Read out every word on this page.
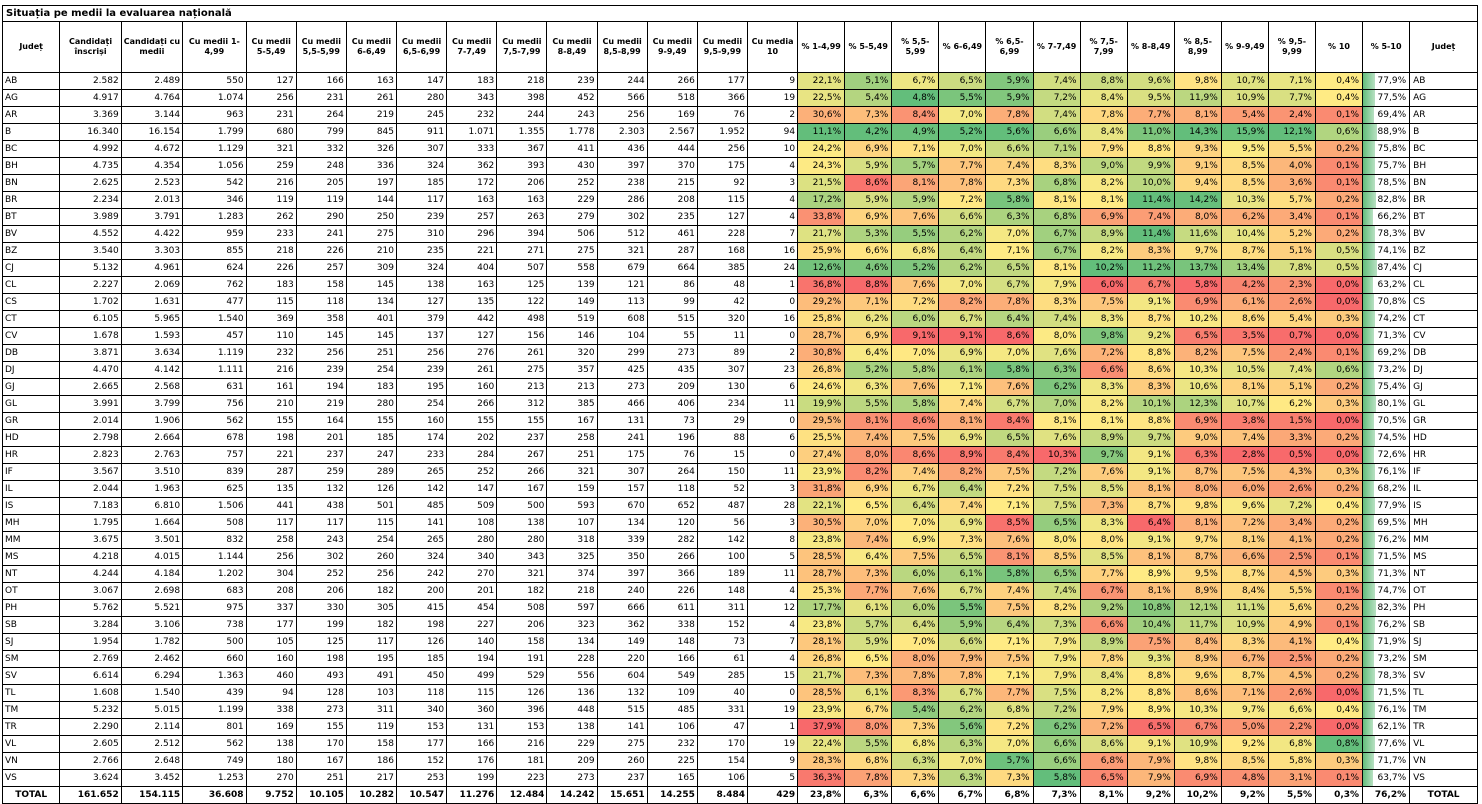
Situația pe medii la evaluarea națională
Județ	Candidați înscriși	Candidați cu medii	Cu medii 1-4,99	Cu medii 5-5,49	Cu medii 5,5-5,99	Cu medii 6-6,49	Cu medii 6,5-6,99	Cu medii 7-7,49	Cu medii 7,5-7,99	Cu medii 8-8,49	Cu medii 8,5-8,99	Cu medii 9-9,49	Cu medii 9,5-9,99	Cu media 10	% 1-4,99	% 5-5,49	% 5,5-5,99	% 6-6,49	% 6,5-6,99	% 7-7,49	% 7,5-7,99	% 8-8,49	% 8,5-8,99	% 9-9,49	% 9,5-9,99	% 10	% 5-10	Județ
AB	2.582	2.489	550	127	166	163	147	183	218	239	244	266	177	9	22,1%	5,1%	6,7%	6,5%	5,9%	7,4%	8,8%	9,6%	9,8%	10,7%	7,1%	0,4%	77,9%	AB
AG	4.917	4.764	1.074	256	231	261	280	343	398	452	566	518	366	19	22,5%	5,4%	4,8%	5,5%	5,9%	7,2%	8,4%	9,5%	11,9%	10,9%	7,7%	0,4%	77,5%	AG
AR	3.369	3.144	963	231	264	219	245	232	244	243	256	169	76	2	30,6%	7,3%	8,4%	7,0%	7,8%	7,4%	7,8%	7,7%	8,1%	5,4%	2,4%	0,1%	69,4%	AR
B	16.340	16.154	1.799	680	799	845	911	1.071	1.355	1.778	2.303	2.567	1.952	94	11,1%	4,2%	4,9%	5,2%	5,6%	6,6%	8,4%	11,0%	14,3%	15,9%	12,1%	0,6%	88,9%	B
BC	4.992	4.672	1.129	321	332	326	307	333	367	411	436	444	256	10	24,2%	6,9%	7,1%	7,0%	6,6%	7,1%	7,9%	8,8%	9,3%	9,5%	5,5%	0,2%	75,8%	BC
BH	4.735	4.354	1.056	259	248	336	324	362	393	430	397	370	175	4	24,3%	5,9%	5,7%	7,7%	7,4%	8,3%	9,0%	9,9%	9,1%	8,5%	4,0%	0,1%	75,7%	BH
BN	2.625	2.523	542	216	205	197	185	172	206	252	238	215	92	3	21,5%	8,6%	8,1%	7,8%	7,3%	6,8%	8,2%	10,0%	9,4%	8,5%	3,6%	0,1%	78,5%	BN
BR	2.234	2.013	346	119	119	144	117	163	163	229	286	208	115	4	17,2%	5,9%	5,9%	7,2%	5,8%	8,1%	8,1%	11,4%	14,2%	10,3%	5,7%	0,2%	82,8%	BR
BT	3.989	3.791	1.283	262	290	250	239	257	263	279	302	235	127	4	33,8%	6,9%	7,6%	6,6%	6,3%	6,8%	6,9%	7,4%	8,0%	6,2%	3,4%	0,1%	66,2%	BT
BV	4.552	4.422	959	233	241	275	310	296	394	506	512	461	228	7	21,7%	5,3%	5,5%	6,2%	7,0%	6,7%	8,9%	11,4%	11,6%	10,4%	5,2%	0,2%	78,3%	BV
BZ	3.540	3.303	855	218	226	210	235	221	271	275	321	287	168	16	25,9%	6,6%	6,8%	6,4%	7,1%	6,7%	8,2%	8,3%	9,7%	8,7%	5,1%	0,5%	74,1%	BZ
CJ	5.132	4.961	624	226	257	309	324	404	507	558	679	664	385	24	12,6%	4,6%	5,2%	6,2%	6,5%	8,1%	10,2%	11,2%	13,7%	13,4%	7,8%	0,5%	87,4%	CJ
CL	2.227	2.069	762	183	158	145	138	163	125	139	121	86	48	1	36,8%	8,8%	7,6%	7,0%	6,7%	7,9%	6,0%	6,7%	5,8%	4,2%	2,3%	0,0%	63,2%	CL
CS	1.702	1.631	477	115	118	134	127	135	122	149	113	99	42	0	29,2%	7,1%	7,2%	8,2%	7,8%	8,3%	7,5%	9,1%	6,9%	6,1%	2,6%	0,0%	70,8%	CS
CT	6.105	5.965	1.540	369	358	401	379	442	498	519	608	515	320	16	25,8%	6,2%	6,0%	6,7%	6,4%	7,4%	8,3%	8,7%	10,2%	8,6%	5,4%	0,3%	74,2%	CT
CV	1.678	1.593	457	110	145	145	137	127	156	146	104	55	11	0	28,7%	6,9%	9,1%	9,1%	8,6%	8,0%	9,8%	9,2%	6,5%	3,5%	0,7%	0,0%	71,3%	CV
DB	3.871	3.634	1.119	232	256	251	256	276	261	320	299	273	89	2	30,8%	6,4%	7,0%	6,9%	7,0%	7,6%	7,2%	8,8%	8,2%	7,5%	2,4%	0,1%	69,2%	DB
DJ	4.470	4.142	1.111	216	239	254	239	261	275	357	425	435	307	23	26,8%	5,2%	5,8%	6,1%	5,8%	6,3%	6,6%	8,6%	10,3%	10,5%	7,4%	0,6%	73,2%	DJ
GJ	2.665	2.568	631	161	194	183	195	160	213	213	273	209	130	6	24,6%	6,3%	7,6%	7,1%	7,6%	6,2%	8,3%	8,3%	10,6%	8,1%	5,1%	0,2%	75,4%	GJ
GL	3.991	3.799	756	210	219	280	254	266	312	385	466	406	234	11	19,9%	5,5%	5,8%	7,4%	6,7%	7,0%	8,2%	10,1%	12,3%	10,7%	6,2%	0,3%	80,1%	GL
GR	2.014	1.906	562	155	164	155	160	155	155	167	131	73	29	0	29,5%	8,1%	8,6%	8,1%	8,4%	8,1%	8,1%	8,8%	6,9%	3,8%	1,5%	0,0%	70,5%	GR
HD	2.798	2.664	678	198	201	185	174	202	237	258	241	196	88	6	25,5%	7,4%	7,5%	6,9%	6,5%	7,6%	8,9%	9,7%	9,0%	7,4%	3,3%	0,2%	74,5%	HD
HR	2.823	2.763	757	221	237	247	233	284	267	251	175	76	15	0	27,4%	8,0%	8,6%	8,9%	8,4%	10,3%	9,7%	9,1%	6,3%	2,8%	0,5%	0,0%	72,6%	HR
IF	3.567	3.510	839	287	259	289	265	252	266	321	307	264	150	11	23,9%	8,2%	7,4%	8,2%	7,5%	7,2%	7,6%	9,1%	8,7%	7,5%	4,3%	0,3%	76,1%	IF
IL	2.044	1.963	625	135	132	126	142	147	167	159	157	118	52	3	31,8%	6,9%	6,7%	6,4%	7,2%	7,5%	8,5%	8,1%	8,0%	6,0%	2,6%	0,2%	68,2%	IL
IS	7.183	6.810	1.506	441	438	501	485	509	500	593	670	652	487	28	22,1%	6,5%	6,4%	7,4%	7,1%	7,5%	7,3%	8,7%	9,8%	9,6%	7,2%	0,4%	77,9%	IS
MH	1.795	1.664	508	117	117	115	141	108	138	107	134	120	56	3	30,5%	7,0%	7,0%	6,9%	8,5%	6,5%	8,3%	6,4%	8,1%	7,2%	3,4%	0,2%	69,5%	MH
MM	3.675	3.501	832	258	243	254	265	280	280	318	339	282	142	8	23,8%	7,4%	6,9%	7,3%	7,6%	8,0%	8,0%	9,1%	9,7%	8,1%	4,1%	0,2%	76,2%	MM
MS	4.218	4.015	1.144	256	302	260	324	340	343	325	350	266	100	5	28,5%	6,4%	7,5%	6,5%	8,1%	8,5%	8,5%	8,1%	8,7%	6,6%	2,5%	0,1%	71,5%	MS
NT	4.244	4.184	1.202	304	252	256	242	270	321	374	397	366	189	11	28,7%	7,3%	6,0%	6,1%	5,8%	6,5%	7,7%	8,9%	9,5%	8,7%	4,5%	0,3%	71,3%	NT
OT	3.067	2.698	683	208	206	182	200	201	182	218	240	226	148	4	25,3%	7,7%	7,6%	6,7%	7,4%	7,4%	6,7%	8,1%	8,9%	8,4%	5,5%	0,1%	74,7%	OT
PH	5.762	5.521	975	337	330	305	415	454	508	597	666	611	311	12	17,7%	6,1%	6,0%	5,5%	7,5%	8,2%	9,2%	10,8%	12,1%	11,1%	5,6%	0,2%	82,3%	PH
SB	3.284	3.106	738	177	199	182	198	227	206	323	362	338	152	4	23,8%	5,7%	6,4%	5,9%	6,4%	7,3%	6,6%	10,4%	11,7%	10,9%	4,9%	0,1%	76,2%	SB
SJ	1.954	1.782	500	105	125	117	126	140	158	134	149	148	73	7	28,1%	5,9%	7,0%	6,6%	7,1%	7,9%	8,9%	7,5%	8,4%	8,3%	4,1%	0,4%	71,9%	SJ
SM	2.769	2.462	660	160	198	195	185	194	191	228	220	166	61	4	26,8%	6,5%	8,0%	7,9%	7,5%	7,9%	7,8%	9,3%	8,9%	6,7%	2,5%	0,2%	73,2%	SM
SV	6.614	6.294	1.363	460	493	491	450	499	529	556	604	549	285	15	21,7%	7,3%	7,8%	7,8%	7,1%	7,9%	8,4%	8,8%	9,6%	8,7%	4,5%	0,2%	78,3%	SV
TL	1.608	1.540	439	94	128	103	118	115	126	136	132	109	40	0	28,5%	6,1%	8,3%	6,7%	7,7%	7,5%	8,2%	8,8%	8,6%	7,1%	2,6%	0,0%	71,5%	TL
TM	5.232	5.015	1.199	338	273	311	340	360	396	448	515	485	331	19	23,9%	6,7%	5,4%	6,2%	6,8%	7,2%	7,9%	8,9%	10,3%	9,7%	6,6%	0,4%	76,1%	TM
TR	2.290	2.114	801	169	155	119	153	131	153	138	141	106	47	1	37,9%	8,0%	7,3%	5,6%	7,2%	6,2%	7,2%	6,5%	6,7%	5,0%	2,2%	0,0%	62,1%	TR
VL	2.605	2.512	562	138	170	158	177	166	216	229	275	232	170	19	22,4%	5,5%	6,8%	6,3%	7,0%	6,6%	8,6%	9,1%	10,9%	9,2%	6,8%	0,8%	77,6%	VL
VN	2.766	2.648	749	180	167	186	152	176	181	209	260	225	154	9	28,3%	6,8%	6,3%	7,0%	5,7%	6,6%	6,8%	7,9%	9,8%	8,5%	5,8%	0,3%	71,7%	VN
VS	3.624	3.452	1.253	270	251	217	253	199	223	273	237	165	106	5	36,3%	7,8%	7,3%	6,3%	7,3%	5,8%	6,5%	7,9%	6,9%	4,8%	3,1%	0,1%	63,7%	VS
TOTAL	161.652	154.115	36.608	9.752	10.105	10.282	10.547	11.276	12.484	14.242	15.651	14.255	8.484	429	23,8%	6,3%	6,6%	6,7%	6,8%	7,3%	8,1%	9,2%	10,2%	9,2%	5,5%	0,3%	76,2%	TOTAL
